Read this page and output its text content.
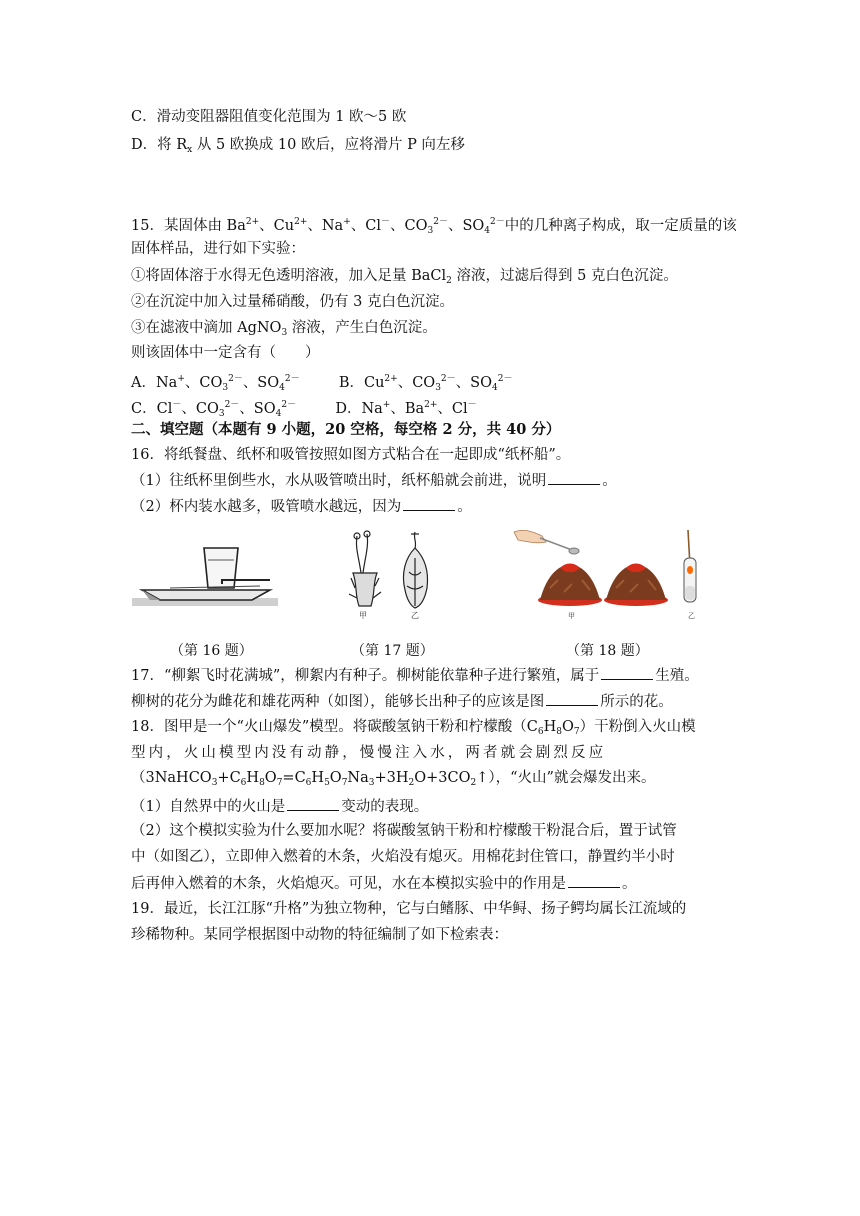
C．滑动变阻器阻值变化范围为 1 欧～5 欧
D．将 $R_x$ 从 5 欧换成 10 欧后，应将滑片 P 向左移
15．某固体由 $Ba^{2+}$、$Cu^{2+}$、Na+、Cl－、$CO_3^{2-}$、$SO_4^{2-}$中的几种离子构成，取一定质量的该
固体样品，进行如下实验：
①将固体溶于水得无色透明溶液，加入足量 BaCl$_2$ 溶液，过滤后得到 5 克白色沉淀。
②在沉淀中加入过量稀硝酸，仍有 3 克白色沉淀。
③在滤液中滴加 AgNO$_3$ 溶液，产生白色沉淀。
则该固体中一定含有（　　）
A．Na+、$CO_3^{2-}$、$SO_4^{2-}$	B．$Cu^{2+}$、$CO_3^{2-}$、$SO_4^{2-}$
C．Cl－、$CO_3^{2-}$、$SO_4^{2-}$	D．Na+、$Ba^{2+}$、Cl－
二、填空题（本题有 9 小题，20 空格，每空格 2 分，共 40 分）
16．将纸餐盘、纸杯和吸管按照如图方式粘合在一起即成“纸杯船”。
（1）往纸杯里倒些水，水从吸管喷出时，纸杯船就会前进，说明	。
（2）杯内装水越多，吸管喷水越远，因为	。
甲	乙	甲	乙
（第 16 题）	（第 17 题）	（第 18 题）
17．“柳絮飞时花满城”，柳絮内有种子。柳树能依靠种子进行繁殖，属于	生殖。
柳树的花分为雌花和雄花两种（如图），能够长出种子的应该是图	所示的花。
18．图甲是一个“火山爆发”模型。将碳酸氢钠干粉和柠檬酸$(C_6H_8O_7)$干粉倒入火山模
型内，火山模型内没有动静，慢慢注入水，两者就会剧烈反应
$(3NaHCO_3+C_6H_8O_7=C_6H_5O_7Na_3+3H_2O+3CO_2↑)$，“火山”就会爆发出来。
（1）自然界中的火山是	变动的表现。
（2）这个模拟实验为什么要加水呢？将碳酸氢钠干粉和柠檬酸干粉混合后，置于试管
中（如图乙），立即伸入燃着的木条，火焰没有熄灭。用棉花封住管口，静置约半小时
后再伸入燃着的木条，火焰熄灭。可见，水在本模拟实验中的作用是	。
19．最近，长江江豚“升格”为独立物种，它与白鳍豚、中华鲟、扬子鳄均属长江流域的
珍稀物种。某同学根据图中动物的特征编制了如下检索表：
